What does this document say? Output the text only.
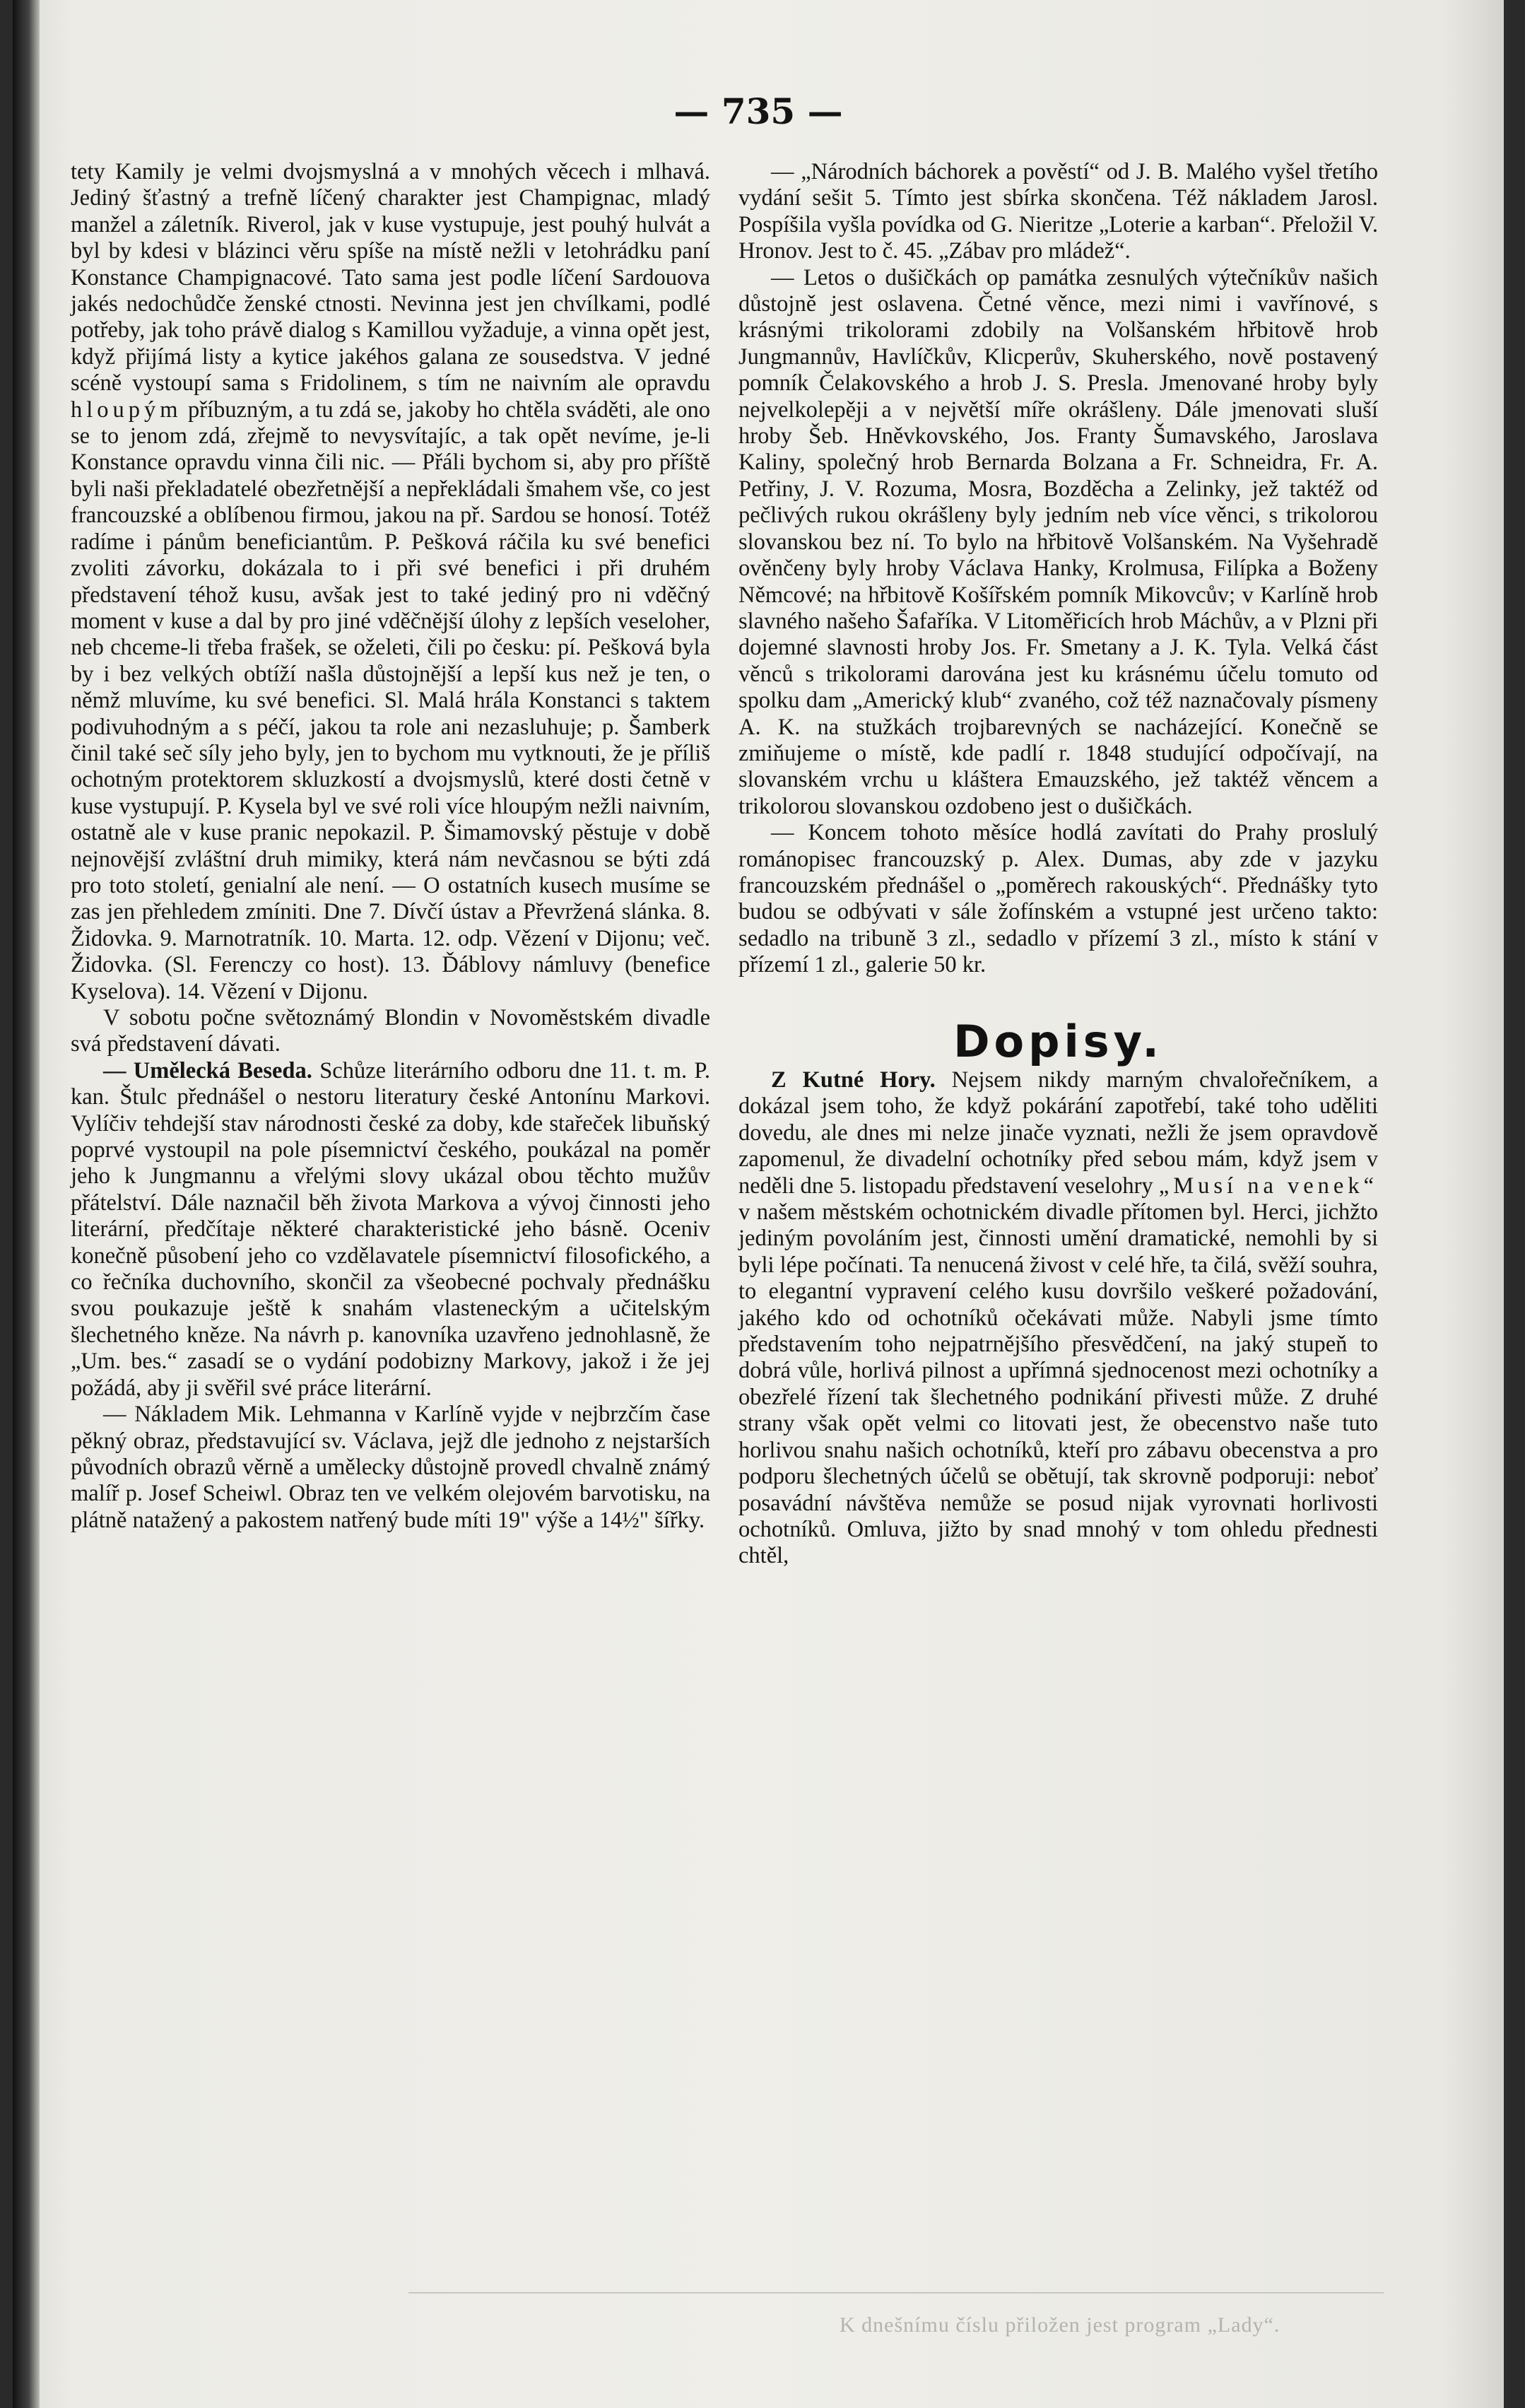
— 735 —

tety Kamily je velmi dvojsmyslná a v mnohých věcech i mlhavá. Jediný šťastný a trefně líčený charakter jest Champignac, mladý manžel a záletník. Riverol, jak v kuse vystupuje, jest pouhý hulvát a byl by kdesi v blázinci věru spíše na místě nežli v letohrádku paní Konstance Champignacové. Tato sama jest podle líčení Sardouova jakés nedochůdče ženské ctnosti. Nevinna jest jen chvílkami, podlé potřeby, jak toho právě dialog s Kamillou vyžaduje, a vinna opět jest, když přijímá listy a kytice jakéhos galana ze sousedstva. V jedné scéně vystoupí sama s Fridolinem, s tím ne naivním ale opravdu hloupým příbuzným, a tu zdá se, jakoby ho chtěla sváděti, ale ono se to jenom zdá, zřejmě to nevysvítajíc, a tak opět nevíme, je-li Konstance opravdu vinna čili nic. — Přáli bychom si, aby pro příště byli naši překladatelé obezřetnější a nepřekládali šmahem vše, co jest francouzské a oblíbenou firmou, jakou na př. Sardou se honosí. Totéž radíme i pánům beneficiantům. P. Pešková ráčila ku své benefici zvoliti závorku, dokázala to i při své benefici i při druhém představení téhož kusu, avšak jest to také jediný pro ni vděčný moment v kuse a dal by pro jiné vděčnější úlohy z lepších veseloher, neb chceme-li třeba frašek, se oželeti, čili po česku: pí. Pešková byla by i bez velkých obtíží našla důstojnější a lepší kus než je ten, o němž mluvíme, ku své benefici. Sl. Malá hrála Konstanci s taktem podivuhodným a s péčí, jakou ta role ani nezasluhuje; p. Šamberk činil také seč síly jeho byly, jen to bychom mu vytknouti, že je příliš ochotným protektorem skluzkostí a dvojsmyslů, které dosti četně v kuse vystupují. P. Kysela byl ve své roli více hloupým nežli naivním, ostatně ale v kuse pranic nepokazil. P. Šimamovský pěstuje v době nejnovější zvláštní druh mimiky, která nám nevčasnou se býti zdá pro toto století, genialní ale není. — O ostatních kusech musíme se zas jen přehledem zmíniti. Dne 7. Dívčí ústav a Převržená slánka. 8. Židovka. 9. Marnotratník. 10. Marta. 12. odp. Vězení v Dijonu; več. Židovka. (Sl. Ferenczy co host). 13. Ďáblovy námluvy (benefice Kyselova). 14. Vězení v Dijonu.

V sobotu počne světoznámý Blondin v Novoměstském divadle svá představení dávati.

— Umělecká Beseda. Schůze literárního odboru dne 11. t. m. P. kan. Štulc přednášel o nestoru literatury české Antonínu Markovi. Vylíčiv tehdejší stav národnosti české za doby, kde stařeček libuňský poprvé vystoupil na pole písemnictví českého, poukázal na poměr jeho k Jungmannu a vřelými slovy ukázal obou těchto mužův přátelství. Dále naznačil běh života Markova a vývoj činnosti jeho literární, předčítaje některé charakteristické jeho básně. Oceniv konečně působení jeho co vzdělavatele písemnictví filosofického, a co řečníka duchovního, skončil za všeobecné pochvaly přednášku svou poukazuje ještě k snahám vlasteneckým a učitelským šlechetného kněze. Na návrh p. kanovníka uzavřeno jednohlasně, že „Um. bes.“ zasadí se o vydání podobizny Markovy, jakož i že jej požádá, aby ji svěřil své práce literární.

— Nákladem Mik. Lehmanna v Karlíně vyjde v nejbrzčím čase pěkný obraz, představující sv. Václava, jejž dle jednoho z nejstarších původních obrazů věrně a umělecky důstojně provedl chvalně známý malíř p. Josef Scheiwl. Obraz ten ve velkém olejovém barvotisku, na plátně natažený a pakostem natřený bude míti 19" výše a 14½" šířky.

— „Národních báchorek a pověstí“ od J. B. Malého vyšel třetího vydání sešit 5. Tímto jest sbírka skončena. Též nákladem Jarosl. Pospíšila vyšla povídka od G. Nieritze „Loterie a karban“. Přeložil V. Hronov. Jest to č. 45. „Zábav pro mládež“.

— Letos o dušičkách op památka zesnulých výtečníkův našich důstojně jest oslavena. Četné věnce, mezi nimi i vavřínové, s krásnými trikolorami zdobily na Volšanském hřbitově hrob Jungmannův, Havlíčkův, Klicperův, Skuherského, nově postavený pomník Čelakovského a hrob J. S. Presla. Jmenované hroby byly nejvelkolepěji a v největší míře okrášleny. Dále jmenovati sluší hroby Šeb. Hněvkovského, Jos. Franty Šumavského, Jaroslava Kaliny, společný hrob Bernarda Bolzana a Fr. Schneidra, Fr. A. Petřiny, J. V. Rozuma, Mosra, Bozděcha a Zelinky, jež taktéž od pečlivých rukou okrášleny byly jedním neb více věnci, s trikolorou slovanskou bez ní. To bylo na hřbitově Volšanském. Na Vyšehradě ověnčeny byly hroby Václava Hanky, Krolmusa, Filípka a Boženy Němcové; na hřbitově Košířském pomník Mikovcův; v Karlíně hrob slavného našeho Šafaříka. V Litoměřicích hrob Máchův, a v Plzni při dojemné slavnosti hroby Jos. Fr. Smetany a J. K. Tyla. Velká část věnců s trikolorami darována jest ku krásnému účelu tomuto od spolku dam „Americký klub“ zvaného, což též naznačovaly písmeny A. K. na stužkách trojbarevných se nacházející. Konečně se zmiňujeme o místě, kde padlí r. 1848 studující odpočívají, na slovanském vrchu u kláštera Emauzského, jež taktéž věncem a trikolorou slovanskou ozdobeno jest o dušičkách.

— Koncem tohoto měsíce hodlá zavítati do Prahy proslulý románopisec francouzský p. Alex. Dumas, aby zde v jazyku francouzském přednášel o „poměrech rakouských“. Přednášky tyto budou se odbývati v sále žofínském a vstupné jest určeno takto: sedadlo na tribuně 3 zl., sedadlo v přízemí 3 zl., místo k stání v přízemí 1 zl., galerie 50 kr.

Dopisy.

Z Kutné Hory. Nejsem nikdy marným chvalořečníkem, a dokázal jsem toho, že když pokárání zapotřebí, také toho uděliti dovedu, ale dnes mi nelze jinače vyznati, nežli že jsem opravdově zapomenul, že divadelní ochotníky před sebou mám, když jsem v neděli dne 5. listopadu představení veselohry „Musí na venek“ v našem městském ochotnickém divadle přítomen byl. Herci, jichžto jediným povoláním jest, činnosti umění dramatické, nemohli by si byli lépe počínati. Ta nenucená živost v celé hře, ta čilá, svěží souhra, to elegantní vypravení celého kusu dovršilo veškeré požadování, jakého kdo od ochotníků očekávati může. Nabyli jsme tímto představením toho nejpatrnějšího přesvědčení, na jaký stupeň to dobrá vůle, horlivá pilnost a upřímná sjednocenost mezi ochotníky a obezřelé řízení tak šlechetného podnikání přivesti může. Z druhé strany však opět velmi co litovati jest, že obecenstvo naše tuto horlivou snahu našich ochotníků, kteří pro zábavu obecenstva a pro podporu šlechetných účelů se obětují, tak skrovně podporuji: neboť posavádní návštěva nemůže se posud nijak vyrovnati horlivosti ochotníků. Omluva, jižto by snad mnohý v tom ohledu přednesti chtěl,

K dnešnímu číslu přiložen jest program „Lady“.
